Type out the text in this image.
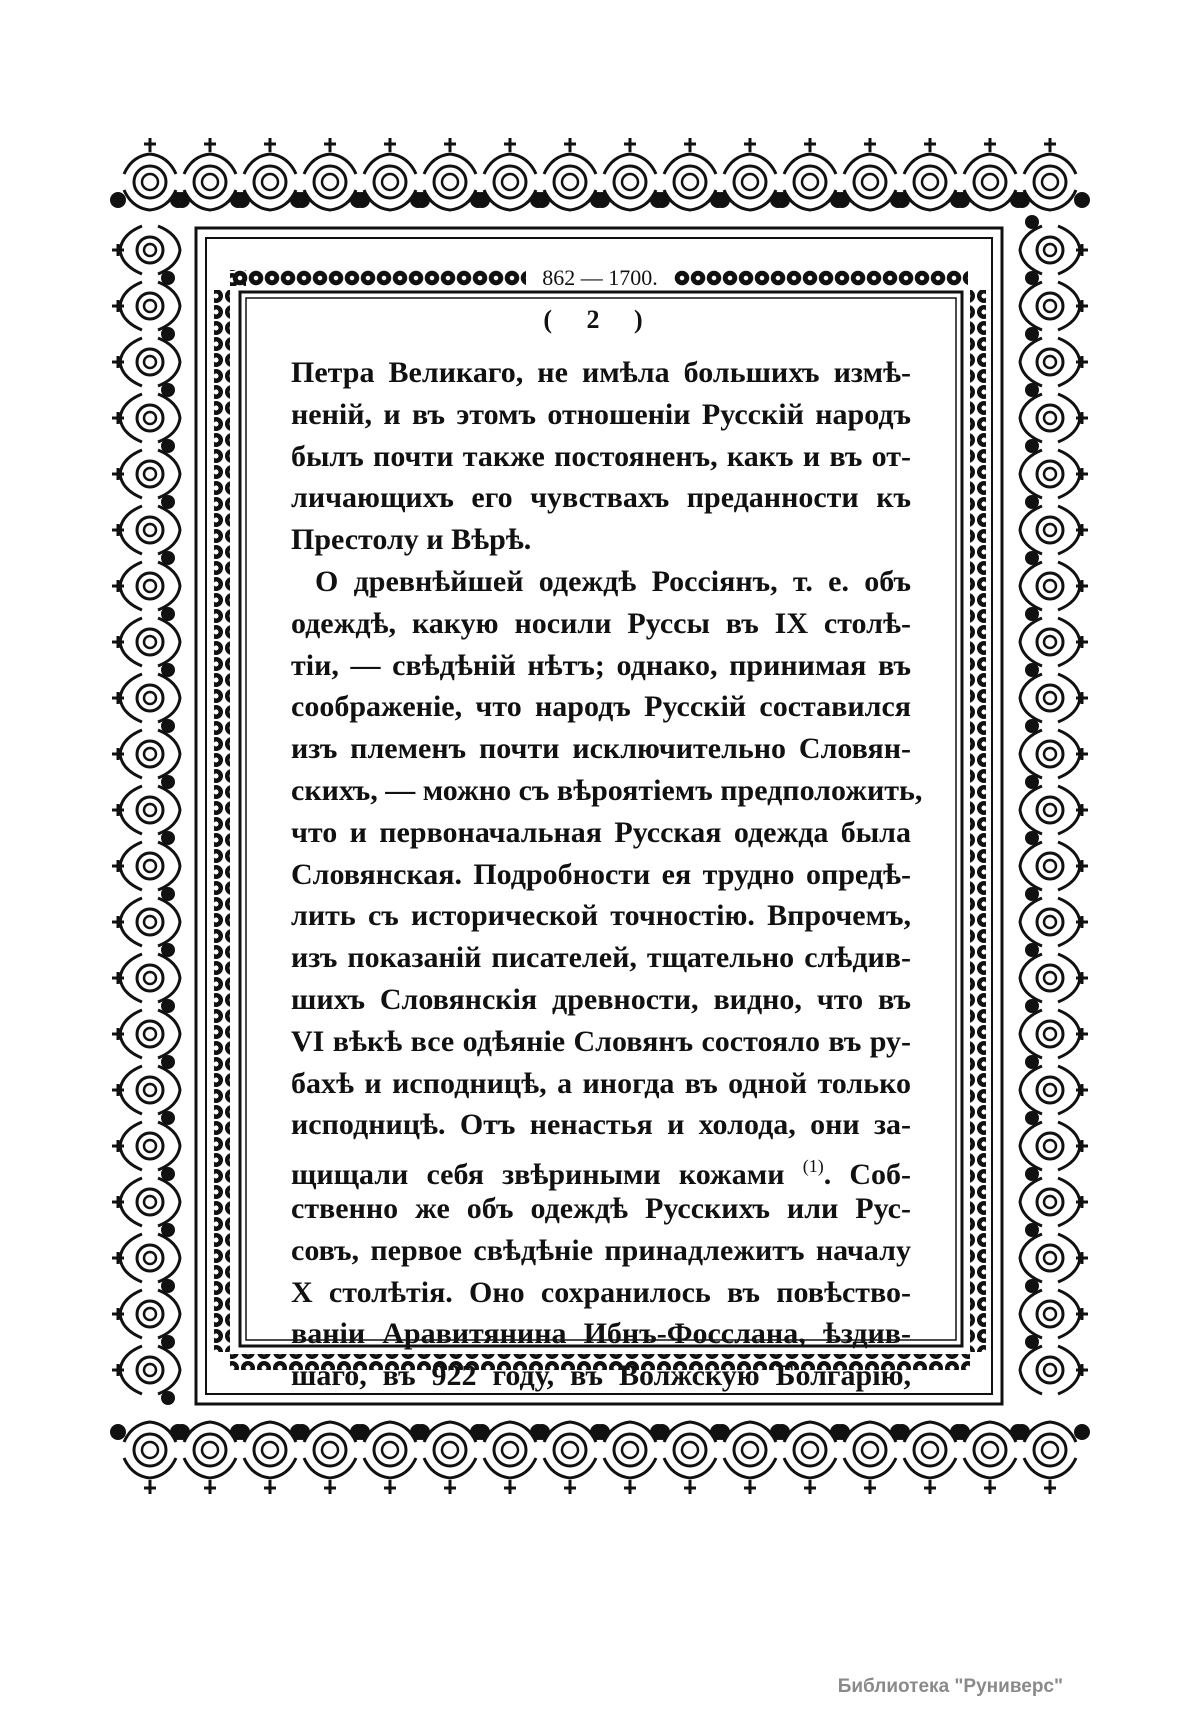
862 — 1700.
( 2 )
Петра Великаго, не имѣла большихъ измѣ-
неній, и въ этомъ отношеніи Русскій народъ
былъ почти также постояненъ, какъ и въ от-
личающихъ его чувствахъ преданности къ
Престолу и Вѣрѣ.
О древнѣйшей одеждѣ Россіянъ, т. е. объ
одеждѣ, какую носили Руссы въ IX столѣ-
тіи, — свѣдѣній нѣтъ; однако, принимая въ
соображеніе, что народъ Русскій составился
изъ племенъ почти исключительно Словян-
скихъ, — можно съ вѣроятіемъ предположить,
что и первоначальная Русская одежда была
Словянская. Подробности ея трудно опредѣ-
лить съ исторической точностію. Впрочемъ,
изъ показаній писателей, тщательно слѣдив-
шихъ Словянскія древности, видно, что въ
VI вѣкѣ все одѣяніе Словянъ состояло въ ру-
бахѣ и исподницѣ, а иногда въ одной только
исподницѣ. Отъ ненастья и холода, они за-
щищали себя звѣриными кожами $^{(1)}$. Соб-
ственно же объ одеждѣ Русскихъ или Рус-
совъ, первое свѣдѣніе принадлежитъ началу
X столѣтія. Оно сохранилось въ повѣство-
ваніи Аравитянина Ибнъ-Фосслана, ѣздив-
шаго, въ 922 году, въ Волжскую Болгарію,
Библиотека "Руниверс"
